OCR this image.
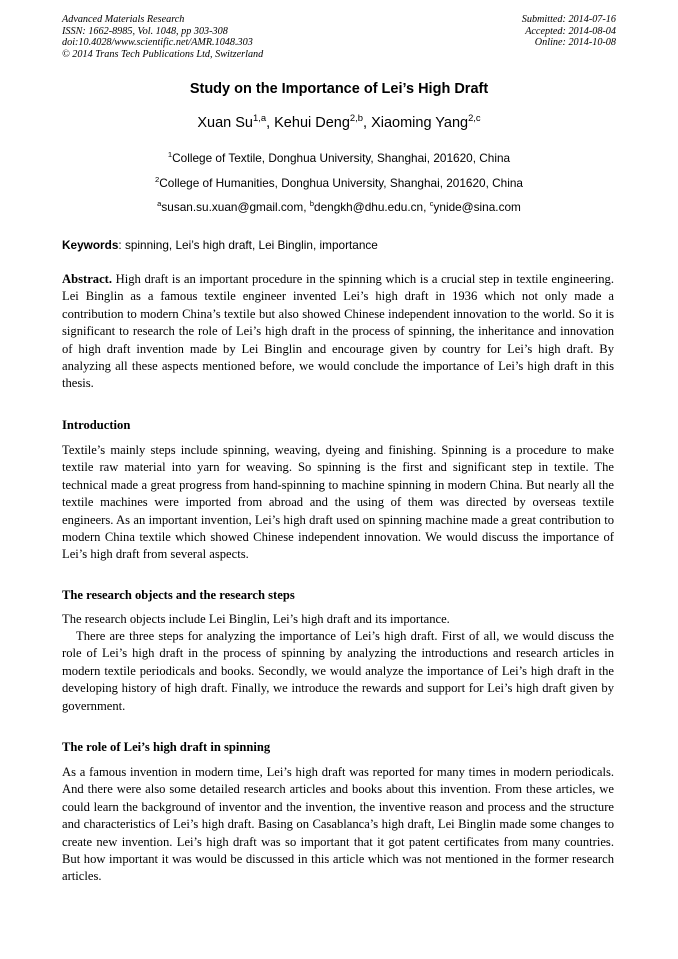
Advanced Materials Research
ISSN: 1662-8985, Vol. 1048, pp 303-308
doi:10.4028/www.scientific.net/AMR.1048.303
© 2014 Trans Tech Publications Ltd, Switzerland
Submitted: 2014-07-16
Accepted: 2014-08-04
Online: 2014-10-08
Study on the Importance of Lei’s High Draft
Xuan Su$^{1,a}$, Kehui Deng$^{2,b}$, Xiaoming Yang$^{2,c}$
$^1$College of Textile, Donghua University, Shanghai, 201620, China
$^2$College of Humanities, Donghua University, Shanghai, 201620, China
$^a$susan.su.xuan@gmail.com, $^b$dengkh@dhu.edu.cn, $^c$ynide@sina.com
Keywords: spinning, Lei’s high draft, Lei Binglin, importance
Abstract. High draft is an important procedure in the spinning which is a crucial step in textile engineering. Lei Binglin as a famous textile engineer invented Lei’s high draft in 1936 which not only made a contribution to modern China’s textile but also showed Chinese independent innovation to the world. So it is significant to research the role of Lei’s high draft in the process of spinning, the inheritance and innovation of high draft invention made by Lei Binglin and encourage given by country for Lei’s high draft. By analyzing all these aspects mentioned before, we would conclude the importance of Lei’s high draft in this thesis.
Introduction
Textile’s mainly steps include spinning, weaving, dyeing and finishing. Spinning is a procedure to make textile raw material into yarn for weaving. So spinning is the first and significant step in textile. The technical made a great progress from hand-spinning to machine spinning in modern China. But nearly all the textile machines were imported from abroad and the using of them was directed by overseas textile engineers. As an important invention, Lei’s high draft used on spinning machine made a great contribution to modern China textile which showed Chinese independent innovation. We would discuss the importance of Lei’s high draft from several aspects.
The research objects and the research steps
The research objects include Lei Binglin, Lei’s high draft and its importance.
There are three steps for analyzing the importance of Lei’s high draft. First of all, we would discuss the role of Lei’s high draft in the process of spinning by analyzing the introductions and research articles in modern textile periodicals and books. Secondly, we would analyze the importance of Lei’s high draft in the developing history of high draft. Finally, we introduce the rewards and support for Lei’s high draft given by government.
The role of Lei’s high draft in spinning
As a famous invention in modern time, Lei’s high draft was reported for many times in modern periodicals. And there were also some detailed research articles and books about this invention. From these articles, we could learn the background of inventor and the invention, the inventive reason and process and the structure and characteristics of Lei’s high draft. Basing on Casablanca’s high draft, Lei Binglin made some changes to create new invention. Lei’s high draft was so important that it got patent certificates from many countries. But how important it was would be discussed in this article which was not mentioned in the former research articles.
